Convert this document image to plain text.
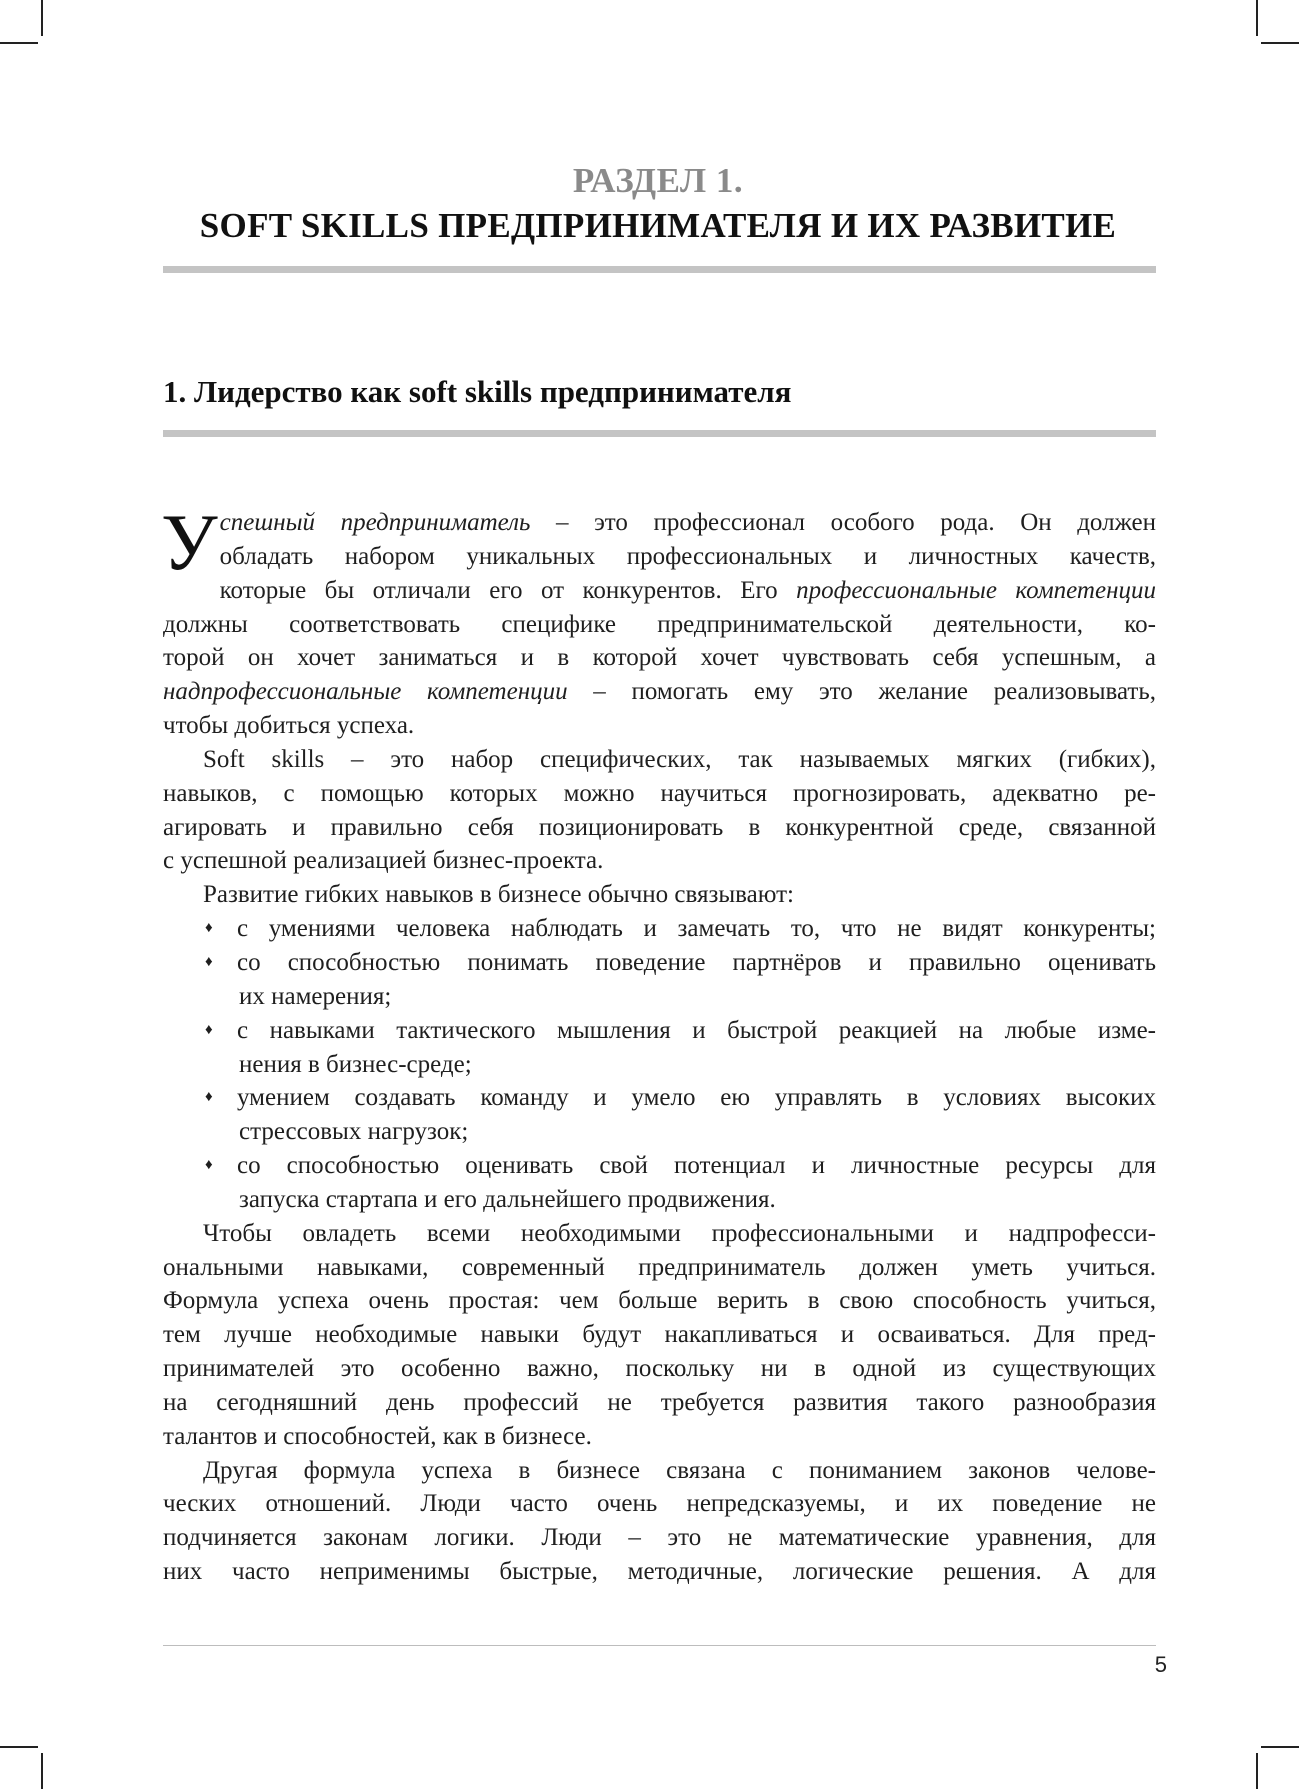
РАЗДЕЛ 1.
SOFT SKILLS ПРЕДПРИНИМАТЕЛЯ И ИХ РАЗВИТИЕ
1. Лидерство как soft skills предпринимателя
У спешный предприниматель – это профессионал особого рода. Он должен
обладать набором уникальных профессиональных и личностных качеств,
которые бы отличали его от конкурентов. Его профессиональные компетенции
должны соответствовать специфике предпринимательской деятельности, ко-
торой он хочет заниматься и в которой хочет чувствовать себя успешным, а
надпрофессиональные компетенции – помогать ему это желание реализовывать,
чтобы добиться успеха.
Soft skills – это набор специфических, так называемых мягких (гибких),
навыков, с помощью которых можно научиться прогнозировать, адекватно ре-
агировать и правильно себя позиционировать в конкурентной среде, связанной
с успешной реализацией бизнес-проекта.
Развитие гибких навыков в бизнесе обычно связывают:
♦ с умениями человека наблюдать и замечать то, что не видят конкуренты;
♦ со способностью понимать поведение партнёров и правильно оценивать
их намерения;
♦ с навыками тактического мышления и быстрой реакцией на любые изме-
нения в бизнес-среде;
♦ умением создавать команду и умело ею управлять в условиях высоких
стрессовых нагрузок;
♦ со способностью оценивать свой потенциал и личностные ресурсы для
запуска стартапа и его дальнейшего продвижения.
Чтобы овладеть всеми необходимыми профессиональными и надпрофесси-
ональными навыками, современный предприниматель должен уметь учиться.
Формула успеха очень простая: чем больше верить в свою способность учиться,
тем лучше необходимые навыки будут накапливаться и осваиваться. Для пред-
принимателей это особенно важно, поскольку ни в одной из существующих
на сегодняшний день профессий не требуется развития такого разнообразия
талантов и способностей, как в бизнесе.
Другая формула успеха в бизнесе связана с пониманием законов челове-
ческих отношений. Люди часто очень непредсказуемы, и их поведение не
подчиняется законам логики. Люди – это не математические уравнения, для
них часто неприменимы быстрые, методичные, логические решения. А для
5
